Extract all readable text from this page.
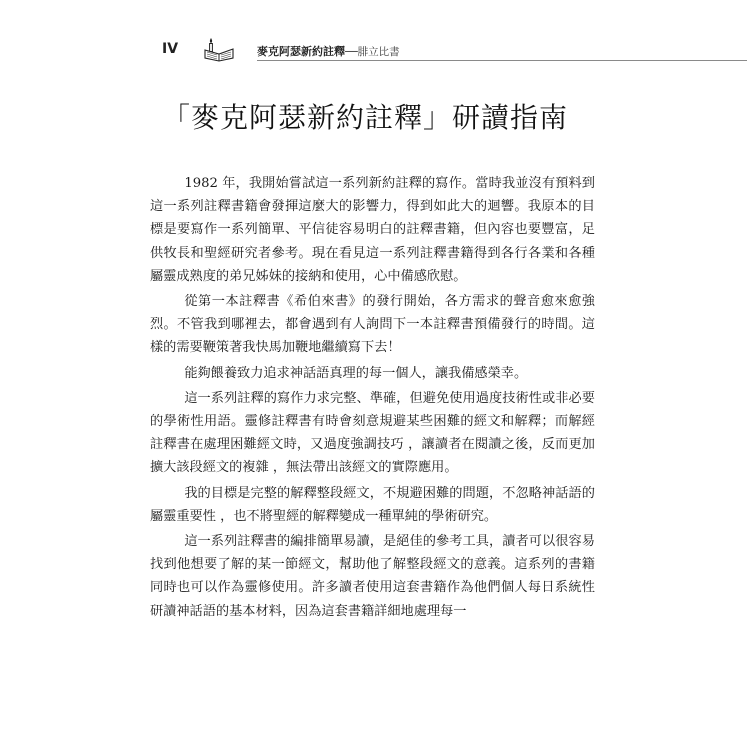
IV	麥克阿瑟新約註釋──腓立比書
「麥克阿瑟新約註釋」研讀指南

1982 年，我開始嘗試這一系列新約註釋的寫作。當時我並沒有預料到這一系列註釋書籍會發揮這麼大的影響力，得到如此大的迴響。我原本的目標是要寫作一系列簡單、平信徒容易明白的註釋書籍，但內容也要豐富，足供牧長和聖經研究者參考。現在看見這一系列註釋書籍得到各行各業和各種屬靈成熟度的弟兄姊妹的接納和使用，心中備感欣慰。

從第一本註釋書《希伯來書》的發行開始，各方需求的聲音愈來愈強烈。不管我到哪裡去，都會遇到有人詢問下一本註釋書預備發行的時間。這樣的需要鞭策著我快馬加鞭地繼續寫下去！

能夠餵養致力追求神話語真理的每一個人，讓我備感榮幸。

這一系列註釋的寫作力求完整、準確，但避免使用過度技術性或非必要的學術性用語。靈修註釋書有時會刻意規避某些困難的經文和解釋；而解經註釋書在處理困難經文時，又過度強調技巧 ，讓讀者在閱讀之後，反而更加擴大該段經文的複雜 ，無法帶出該經文的實際應用。

我的目標是完整的解釋整段經文，不規避困難的問題，不忽略神話語的屬靈重要性 ，也不將聖經的解釋變成一種單純的學術研究。

這一系列註釋書的編排簡單易讀，是絕佳的參考工具，讀者可以很容易找到他想要了解的某一節經文，幫助他了解整段經文的意義。這系列的書籍同時也可以作為靈修使用。許多讀者使用這套書籍作為他們個人每日系統性研讀神話語的基本材料，因為這套書籍詳細地處理每一
